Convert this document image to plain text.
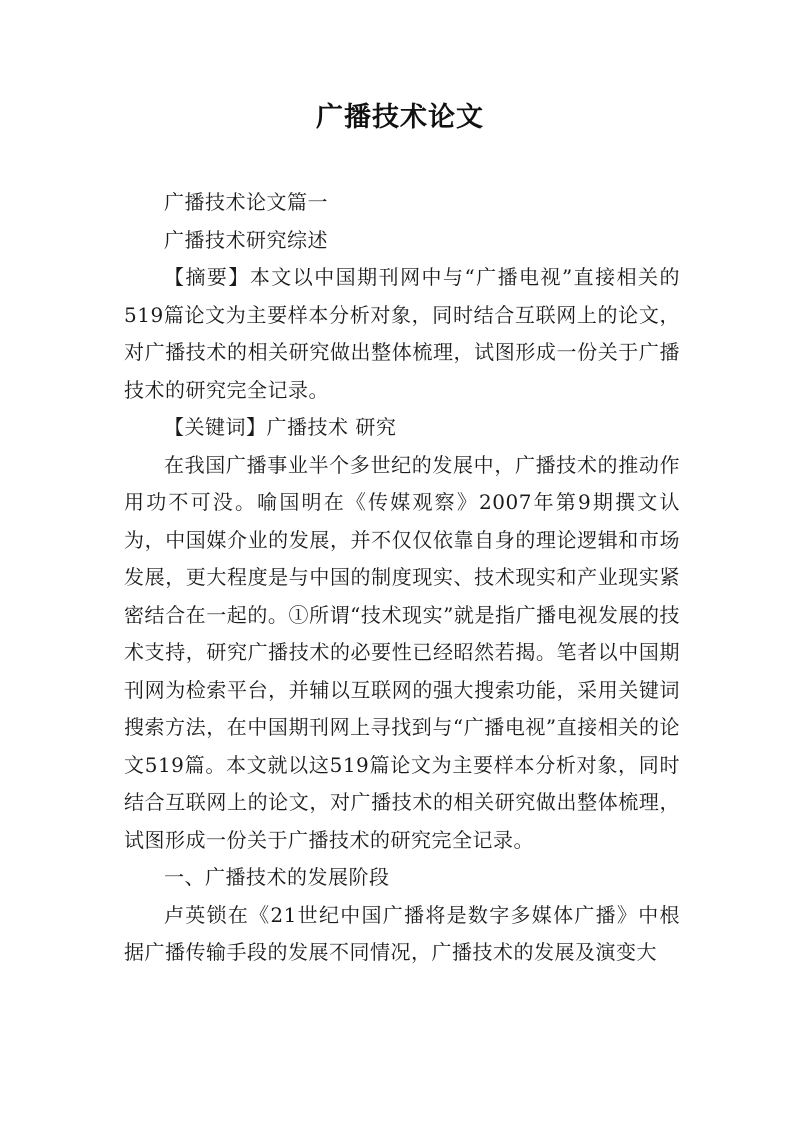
广播技术论文

广播技术论文篇一

广播技术研究综述

【摘要】本文以中国期刊网中与“广播电视”直接相关的519篇论文为主要样本分析对象，同时结合互联网上的论文，对广播技术的相关研究做出整体梳理，试图形成一份关于广播技术的研究完全记录。

【关键词】广播技术 研究

在我国广播事业半个多世纪的发展中，广播技术的推动作用功不可没。喻国明在《传媒观察》2007年第9期撰文认为，中国媒介业的发展，并不仅仅依靠自身的理论逻辑和市场发展，更大程度是与中国的制度现实、技术现实和产业现实紧密结合在一起的。①所谓“技术现实”就是指广播电视发展的技术支持，研究广播技术的必要性已经昭然若揭。笔者以中国期刊网为检索平台，并辅以互联网的强大搜索功能，采用关键词搜索方法，在中国期刊网上寻找到与“广播电视”直接相关的论文519篇。本文就以这519篇论文为主要样本分析对象，同时结合互联网上的论文，对广播技术的相关研究做出整体梳理，试图形成一份关于广播技术的研究完全记录。

一、广播技术的发展阶段

卢英锁在《21世纪中国广播将是数字多媒体广播》中根据广播传输手段的发展不同情况，广播技术的发展及演变大
